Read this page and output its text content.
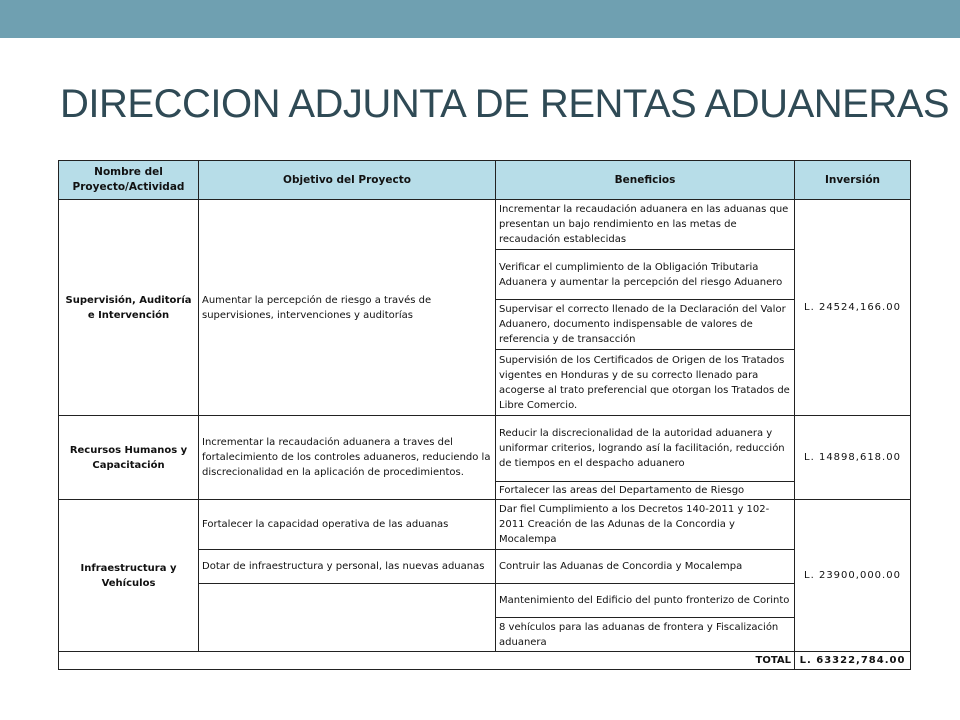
DIRECCION ADJUNTA DE RENTAS ADUANERAS
Nombre del Proyecto/Actividad	Objetivo del Proyecto	Beneficios	Inversión
Supervisión, Auditoría e Intervención	Aumentar la percepción de riesgo a través de supervisiones, intervenciones y auditorías	Incrementar la recaudación aduanera en las aduanas que presentan un bajo rendimiento en las metas de recaudación establecidas	L. 24524,166.00
		Verificar el cumplimiento de la Obligación Tributaria Aduanera y aumentar la percepción del riesgo Aduanero	
		Supervisar el correcto llenado de la Declaración del Valor Aduanero, documento indispensable de valores de referencia y de transacción	
		Supervisión de los Certificados de Origen de los Tratados vigentes en Honduras y de su correcto llenado para acogerse al trato preferencial que otorgan los Tratados de Libre Comercio.	
Recursos Humanos y Capacitación	Incrementar la recaudación aduanera a traves del fortalecimiento de los controles aduaneros, reduciendo la discrecionalidad en la aplicación de procedimientos.	Reducir la discrecionalidad de la autoridad aduanera y uniformar criterios, logrando así la facilitación, reducción de tiempos en el despacho aduanero	L. 14898,618.00
		Fortalecer las areas del Departamento de Riesgo	
Infraestructura y Vehículos	Fortalecer la capacidad operativa de las aduanas	Dar fiel Cumplimiento a los Decretos 140-2011 y 102-2011 Creación de las Adunas de la Concordia y Mocalempa	L. 23900,000.00
	Dotar de infraestructura y personal, las nuevas aduanas	Contruir las Aduanas de Concordia y Mocalempa	
		Mantenimiento del Edificio del punto fronterizo de Corinto	
		8 vehículos para las aduanas de frontera y Fiscalización aduanera	
TOTAL			L. 63322,784.00
